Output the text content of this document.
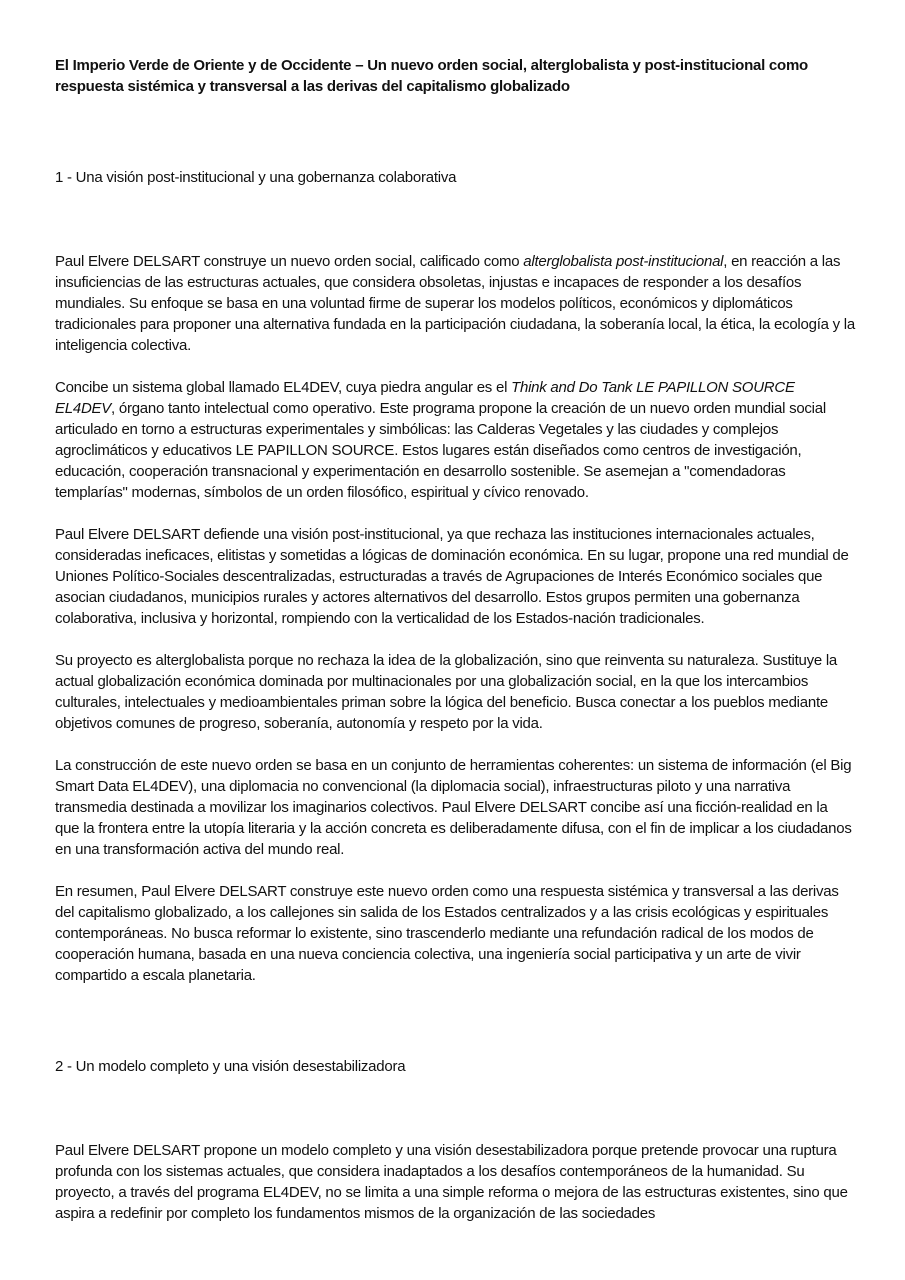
El Imperio Verde de Oriente y de Occidente – Un nuevo orden social, alterglobalista y post-institucional como respuesta sistémica y transversal a las derivas del capitalismo globalizado
1 - Una visión post-institucional y una gobernanza colaborativa

Paul Elvere DELSART construye un nuevo orden social, calificado como alterglobalista post-institucional, en reacción a las insuficiencias de las estructuras actuales, que considera obsoletas, injustas e incapaces de responder a los desafíos mundiales. Su enfoque se basa en una voluntad firme de superar los modelos políticos, económicos y diplomáticos tradicionales para proponer una alternativa fundada en la participación ciudadana, la soberanía local, la ética, la ecología y la inteligencia colectiva.

Concibe un sistema global llamado EL4DEV, cuya piedra angular es el Think and Do Tank LE PAPILLON SOURCE EL4DEV, órgano tanto intelectual como operativo. Este programa propone la creación de un nuevo orden mundial social articulado en torno a estructuras experimentales y simbólicas: las Calderas Vegetales y las ciudades y complejos agroclimáticos y educativos LE PAPILLON SOURCE. Estos lugares están diseñados como centros de investigación, educación, cooperación transnacional y experimentación en desarrollo sostenible. Se asemejan a "comendadoras templarías" modernas, símbolos de un orden filosófico, espiritual y cívico renovado.

Paul Elvere DELSART defiende una visión post-institucional, ya que rechaza las instituciones internacionales actuales, consideradas ineficaces, elitistas y sometidas a lógicas de dominación económica. En su lugar, propone una red mundial de Uniones Político-Sociales descentralizadas, estructuradas a través de Agrupaciones de Interés Económico sociales que asocian ciudadanos, municipios rurales y actores alternativos del desarrollo. Estos grupos permiten una gobernanza colaborativa, inclusiva y horizontal, rompiendo con la verticalidad de los Estados-nación tradicionales.

Su proyecto es alterglobalista porque no rechaza la idea de la globalización, sino que reinventa su naturaleza. Sustituye la actual globalización económica dominada por multinacionales por una globalización social, en la que los intercambios culturales, intelectuales y medioambientales priman sobre la lógica del beneficio. Busca conectar a los pueblos mediante objetivos comunes de progreso, soberanía, autonomía y respeto por la vida.

La construcción de este nuevo orden se basa en un conjunto de herramientas coherentes: un sistema de información (el Big Smart Data EL4DEV), una diplomacia no convencional (la diplomacia social), infraestructuras piloto y una narrativa transmedia destinada a movilizar los imaginarios colectivos. Paul Elvere DELSART concibe así una ficción-realidad en la que la frontera entre la utopía literaria y la acción concreta es deliberadamente difusa, con el fin de implicar a los ciudadanos en una transformación activa del mundo real.

En resumen, Paul Elvere DELSART construye este nuevo orden como una respuesta sistémica y transversal a las derivas del capitalismo globalizado, a los callejones sin salida de los Estados centralizados y a las crisis ecológicas y espirituales contemporáneas. No busca reformar lo existente, sino trascenderlo mediante una refundación radical de los modos de cooperación humana, basada en una nueva conciencia colectiva, una ingeniería social participativa y un arte de vivir compartido a escala planetaria.

2 - Un modelo completo y una visión desestabilizadora

Paul Elvere DELSART propone un modelo completo y una visión desestabilizadora porque pretende provocar una ruptura profunda con los sistemas actuales, que considera inadaptados a los desafíos contemporáneos de la humanidad. Su proyecto, a través del programa EL4DEV, no se limita a una simple reforma o mejora de las estructuras existentes, sino que aspira a redefinir por completo los fundamentos mismos de la organización de las sociedades
